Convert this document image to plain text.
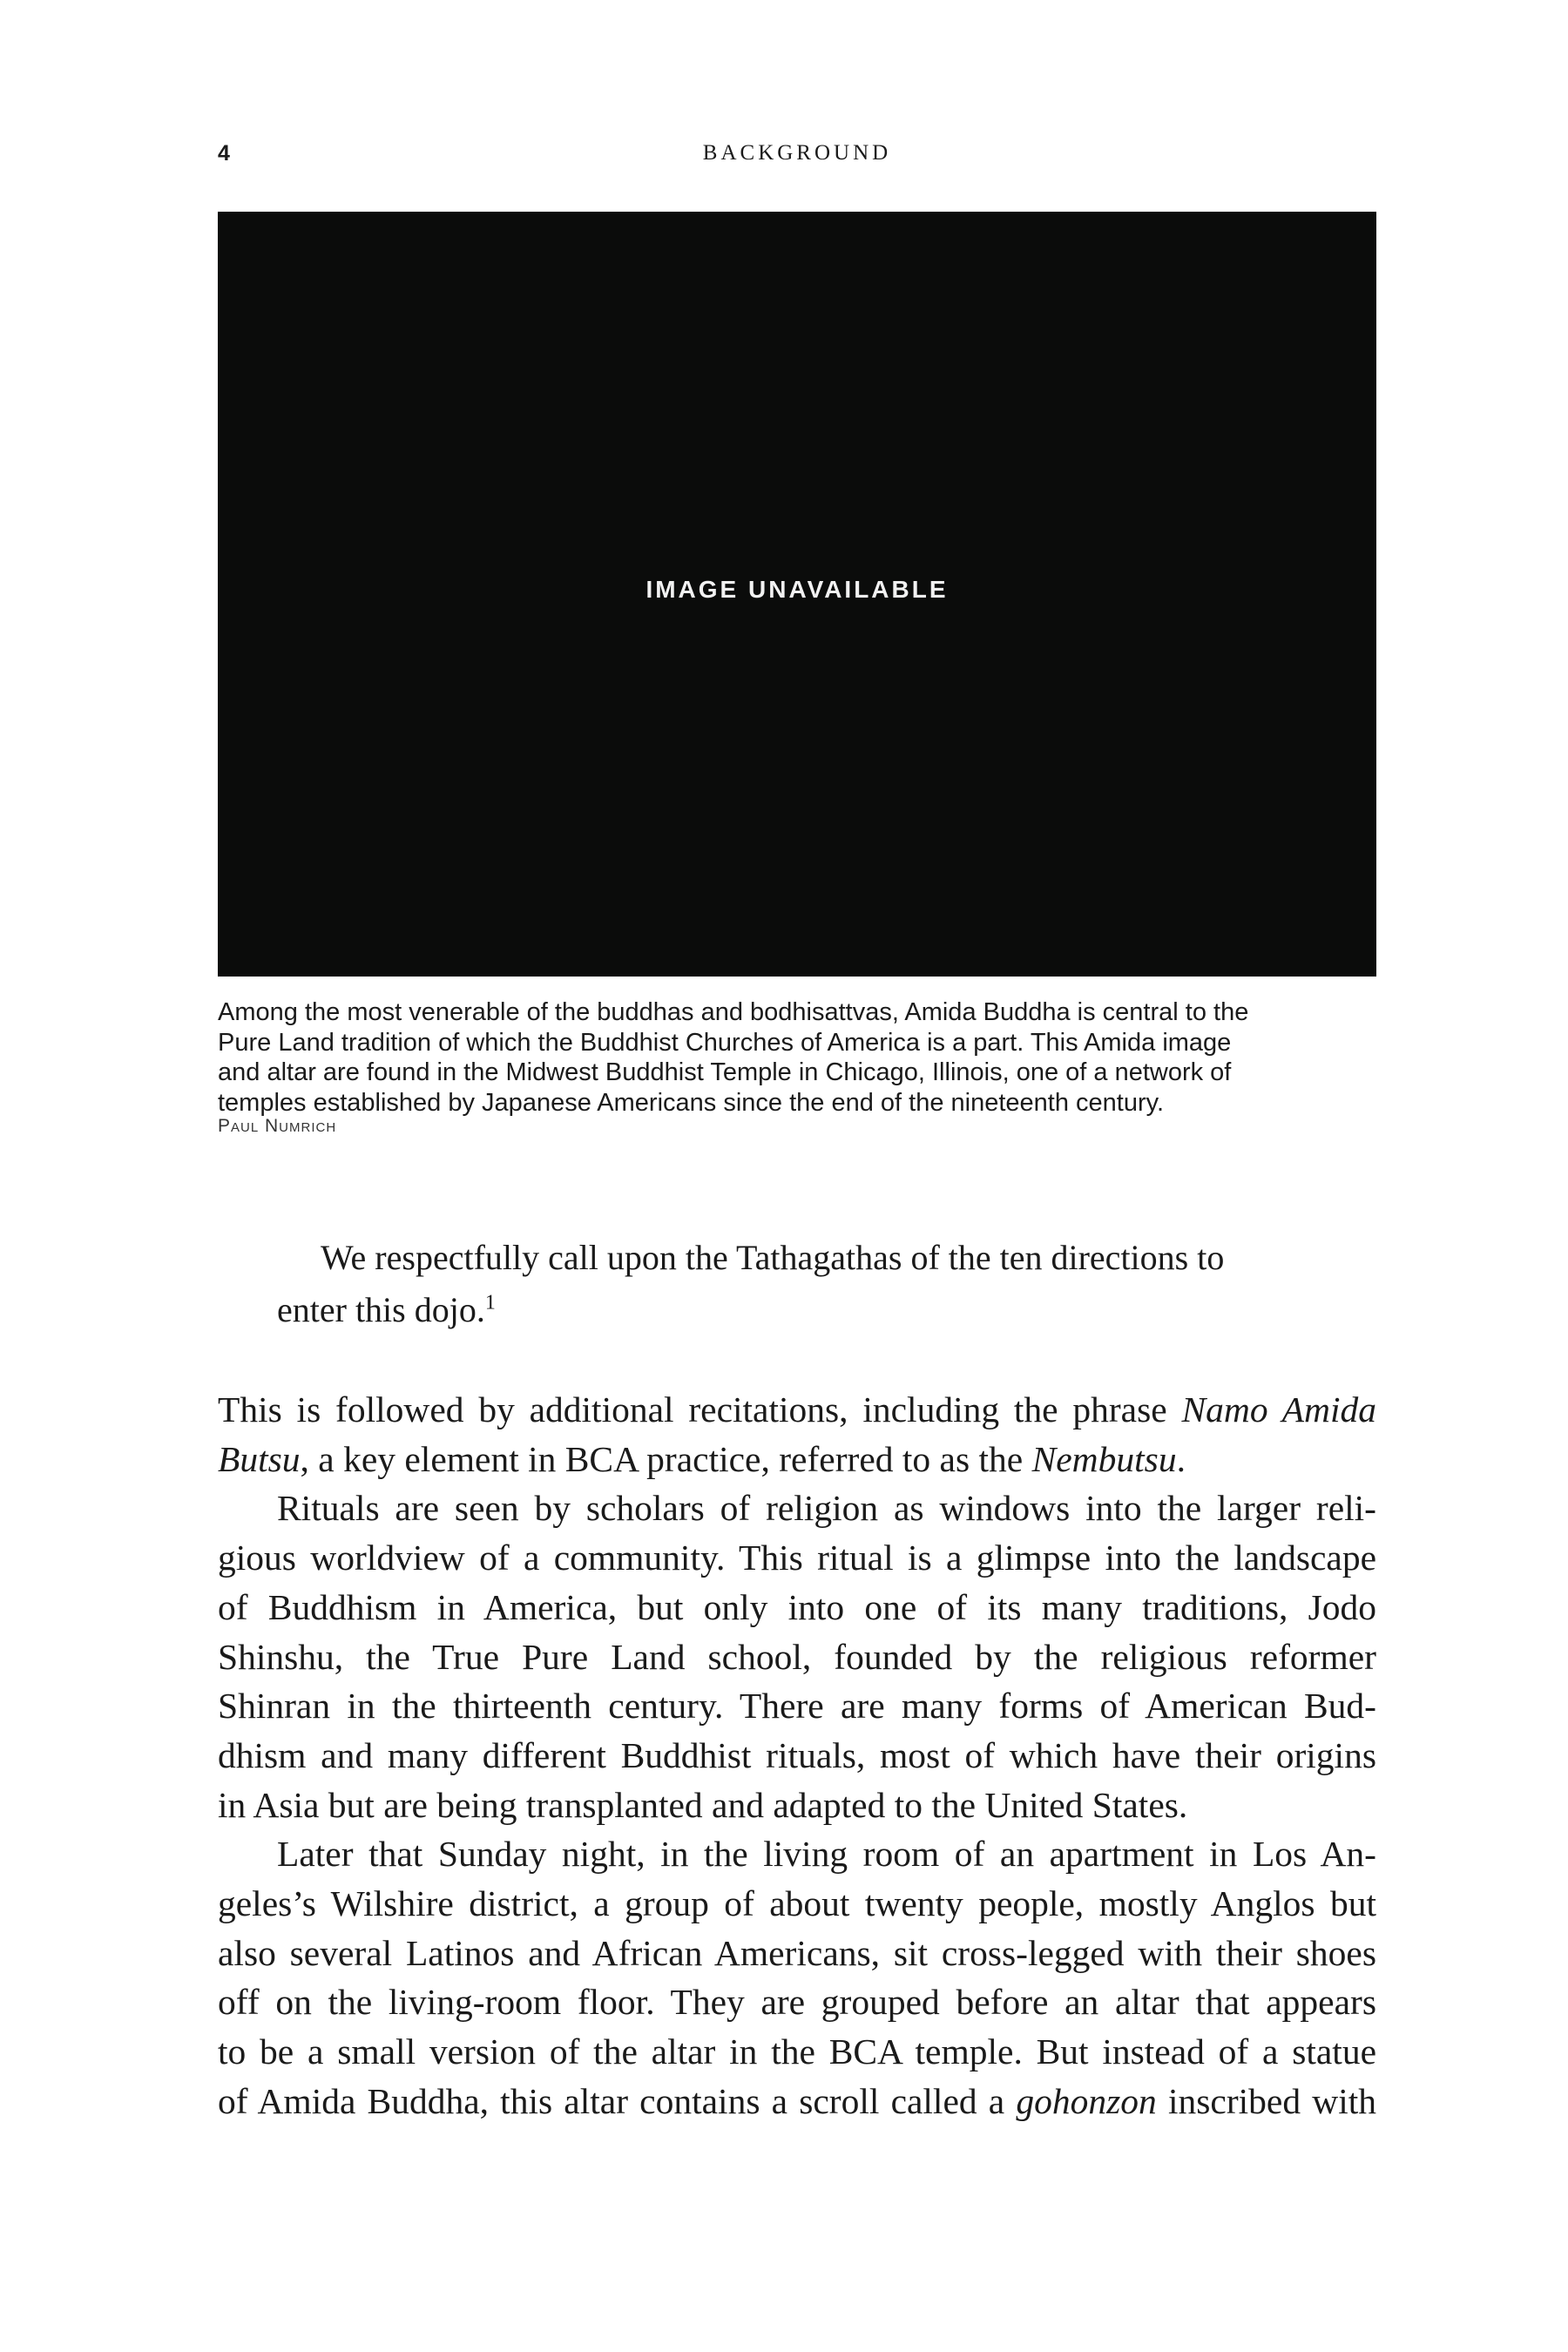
4	BACKGROUND
IMAGE UNAVAILABLE
Among the most venerable of the buddhas and bodhisattvas, Amida Buddha is central to the
Pure Land tradition of which the Buddhist Churches of America is a part. This Amida image
and altar are found in the Midwest Buddhist Temple in Chicago, Illinois, one of a network of
temples established by Japanese Americans since the end of the nineteenth century.
Paul Numrich
We respectfully call upon the Tathagathas of the ten directions to
enter this dojo.$^1$
This is followed by additional recitations, including the phrase Namo Amida
Butsu, a key element in BCA practice, referred to as the Nembutsu.
Rituals are seen by scholars of religion as windows into the larger reli-
gious worldview of a community. This ritual is a glimpse into the landscape
of Buddhism in America, but only into one of its many traditions, Jodo
Shinshu, the True Pure Land school, founded by the religious reformer
Shinran in the thirteenth century. There are many forms of American Bud-
dhism and many different Buddhist rituals, most of which have their origins
in Asia but are being transplanted and adapted to the United States.
Later that Sunday night, in the living room of an apartment in Los An-
geles’s Wilshire district, a group of about twenty people, mostly Anglos but
also several Latinos and African Americans, sit cross-legged with their shoes
off on the living-room floor. They are grouped before an altar that appears
to be a small version of the altar in the BCA temple. But instead of a statue
of Amida Buddha, this altar contains a scroll called a gohonzon inscribed with
